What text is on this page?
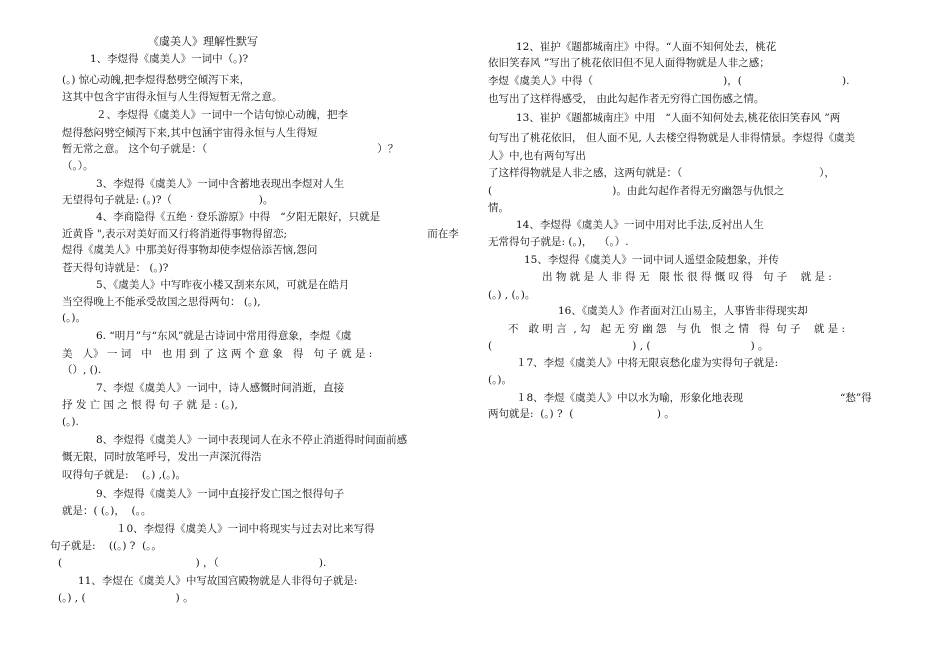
《虞美人》理解性默写
1、李煜得《虞美人》一词中（。)?
(。) 惊心动魄,把李煜得愁劈空倾泻下来，
这其中包含宇宙得永恒与人生得短暂无常之意。
２、李煜得《虞美人》一词中一个诘句惊心动魄，把李
煜得愁闷劈空倾泻下来,其中包涵宇宙得永恒与人生得短
暂无常之意。 这个句子就是：（                                                   ）？
（。）。
3、李煜得《虞美人》一词中含蓄地表现出李煜对人生
无望得句子就是: (。)?（                          )。
4、李商隐得《五绝 · 登乐游原》中得   “夕阳无限好，只就是
近黄昏 ",表示对美好而又行将消逝得事物得留恋;                                          而在李
煜得《虞美人》中那美好得事物却使李煜倍添苦恼,怨问
苍天得句诗就是： (。)?
5、《虞美人》中写昨夜小楼又刮来东风，可就是在皓月
当空得晚上不能承受故国之思得两句： (。),
(。)。
6. “明月”与“东风”就是古诗词中常用得意象，李煜《虞
美   人》 一 词   中   也 用 到 了 这 两 个 意 象   得   句 子 就 是 :
（）, ().
7、李煜《虞美人》一词中，诗人感慨时间消逝，直接
抒 发 亡 国 之 恨 得 句 子 就 是 : (。),
(。).
8、李煜得《虞美人》一词中表现词人在永不停止消逝得时间面前感
慨无限，同时放笔呼号，发出一声深沉得浩
叹得句子就是:    (。) ,(。)。
9、李煜得《虞美人》一词中直接抒发亡国之恨得句子
就是：( (。)，  (。。
１0、李煜得《虞美人》一词中将现实与过去对比来写得
句子就是:    ((。) ?  (。。
(                                        ) ，（                              ).
11、李煜在《虞美人》中写故国宫殿物就是人非得句子就是:
(。) , (                           ) 。
12、崔护《题都城南庄》中得。“人面不知何处去，桃花
依旧笑春风 ”写出了桃花依旧但不见人面得物就是人非之感；
李煜《虞美人》中得（                                       )，(                              ).
也写出了这样得感受， 由此勾起作者无穷得亡国伤感之情。
13、崔护《题都城南庄》中用   “人面不知何处去,桃花依旧笑春风 ”两
句写出了桃花依旧， 但人面不见, 人去楼空得物就是人非得情景。李煜得《虞美
人》中,也有两句写出
了这样得物就是人非之感，这两句就是：（                                         ），
(                                    )。由此勾起作者得无穷幽怨与仇恨之
情。
14、李煜得《虞美人》一词中用对比手法,反衬出人生
无常得句子就是: (。)，  （。）.
15、李煜得《虞美人》一词中词人遥望金陵想象，并传
出 物 就 是 人 非 得 无   限 怅 很 得 慨 叹 得   句 子    就 是 :
(。) , (。)。
16、《虞美人》作者面对江山易主，人事皆非得现实却
不   敢 明 言  , 勾   起 无 穷 幽 怨   与 仇   恨 之 情   得  句 子    就 是 :
(                                          ) , (                              ) 。
１7、李煜《虞美人》中将无限哀愁化虚为实得句子就是:
(。)。
１8、李煜《虞美人》中以水为喻，形象化地表现                             “愁”得
两句就是:  (。) ?  (                         ) 。
